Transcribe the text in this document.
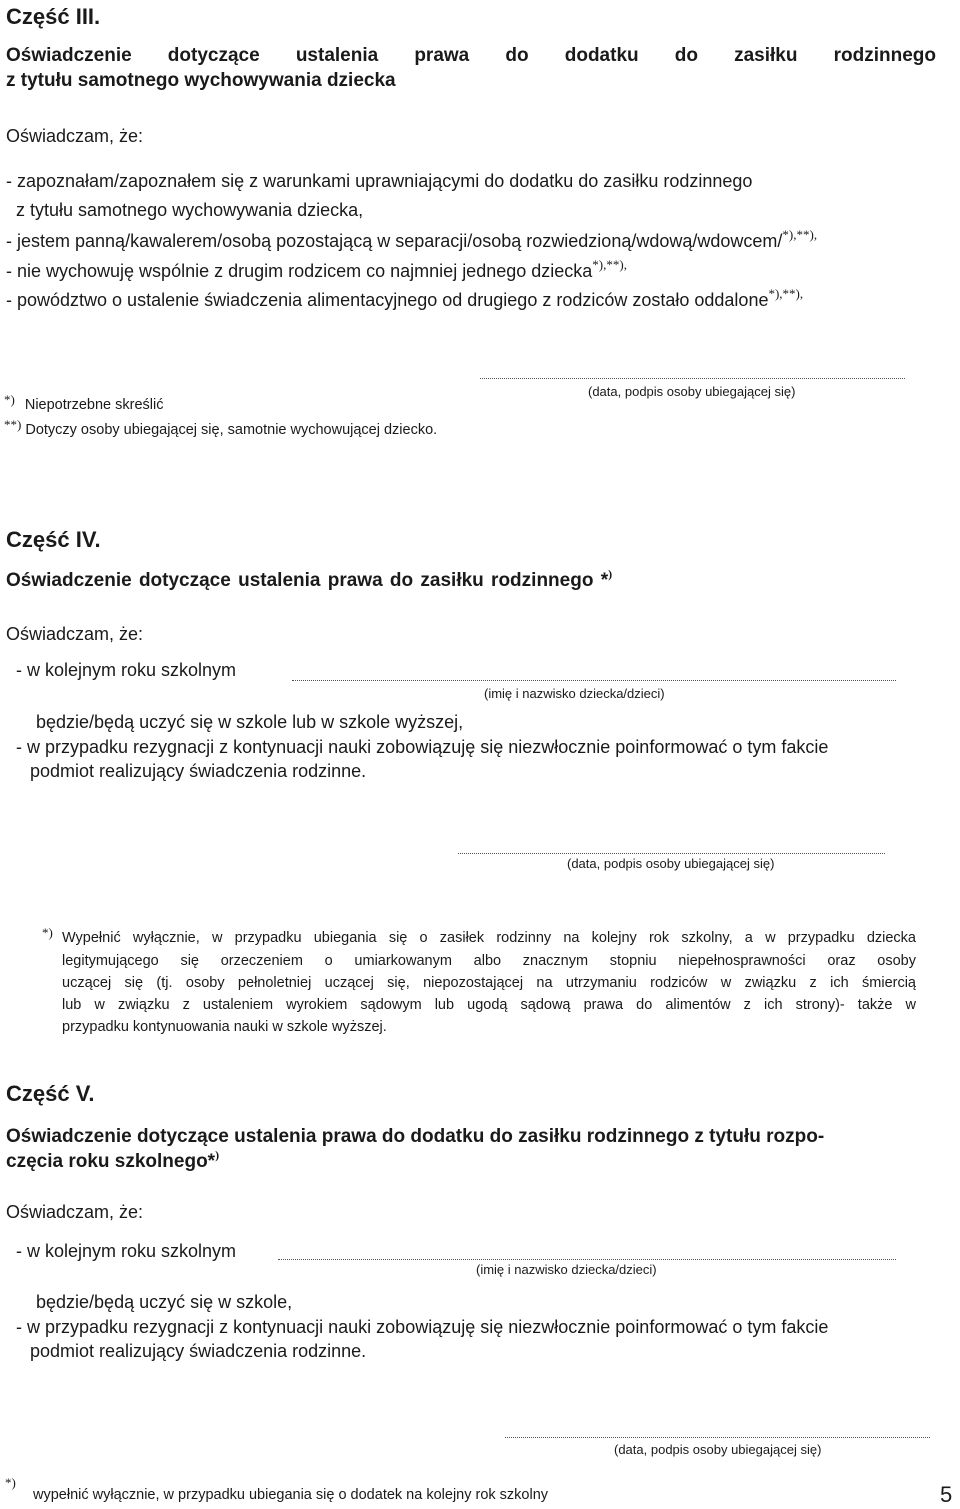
Część III.
Oświadczenie dotyczące ustalenia prawa do dodatku do zasiłku rodzinnego
z tytułu samotnego wychowywania dziecka
Oświadczam, że:
- zapoznałam/zapoznałem się z warunkami uprawniającymi do dodatku do zasiłku rodzinnego
z tytułu samotnego wychowywania dziecka,
- jestem panną/kawalerem/osobą pozostającą w separacji/osobą rozwiedzioną/wdową/wdowcem/*),**),
- nie wychowuję wspólnie z drugim rodzicem co najmniej jednego dziecka*),**),
- powództwo o ustalenie świadczenia alimentacyjnego od drugiego z rodziców zostało oddalone*),**),
(data, podpis osoby ubiegającej się)
*) Niepotrzebne skreślić
**) Dotyczy osoby ubiegającej się, samotnie wychowującej dziecko.
Część IV.
Oświadczenie dotyczące ustalenia prawa do zasiłku rodzinnego *)
Oświadczam, że:
- w kolejnym roku szkolnym
(imię i nazwisko dziecka/dzieci)
będzie/będą uczyć się w szkole lub w szkole wyższej,
- w przypadku rezygnacji z kontynuacji nauki zobowiązuję się niezwłocznie poinformować o tym fakcie
podmiot realizujący świadczenia rodzinne.
(data, podpis osoby ubiegającej się)
*) Wypełnić wyłącznie, w przypadku ubiegania się o zasiłek rodzinny na kolejny rok szkolny, a w przypadku dziecka
legitymującego się orzeczeniem o umiarkowanym albo znacznym stopniu niepełnosprawności oraz osoby
uczącej się (tj. osoby pełnoletniej uczącej się, niepozostającej na utrzymaniu rodziców w związku z ich śmiercią
lub w związku z ustaleniem wyrokiem sądowym lub ugodą sądową prawa do alimentów z ich strony)- także w
przypadku kontynuowania nauki w szkole wyższej.
Część V.
Oświadczenie dotyczące ustalenia prawa do dodatku do zasiłku rodzinnego z tytułu rozpo-
częcia roku szkolnego*)
Oświadczam, że:
- w kolejnym roku szkolnym
(imię i nazwisko dziecka/dzieci)
będzie/będą uczyć się w szkole,
- w przypadku rezygnacji z kontynuacji nauki zobowiązuję się niezwłocznie poinformować o tym fakcie
podmiot realizujący świadczenia rodzinne.
(data, podpis osoby ubiegającej się)
*)
wypełnić wyłącznie, w przypadku ubiegania się o dodatek na kolejny rok szkolny	5
